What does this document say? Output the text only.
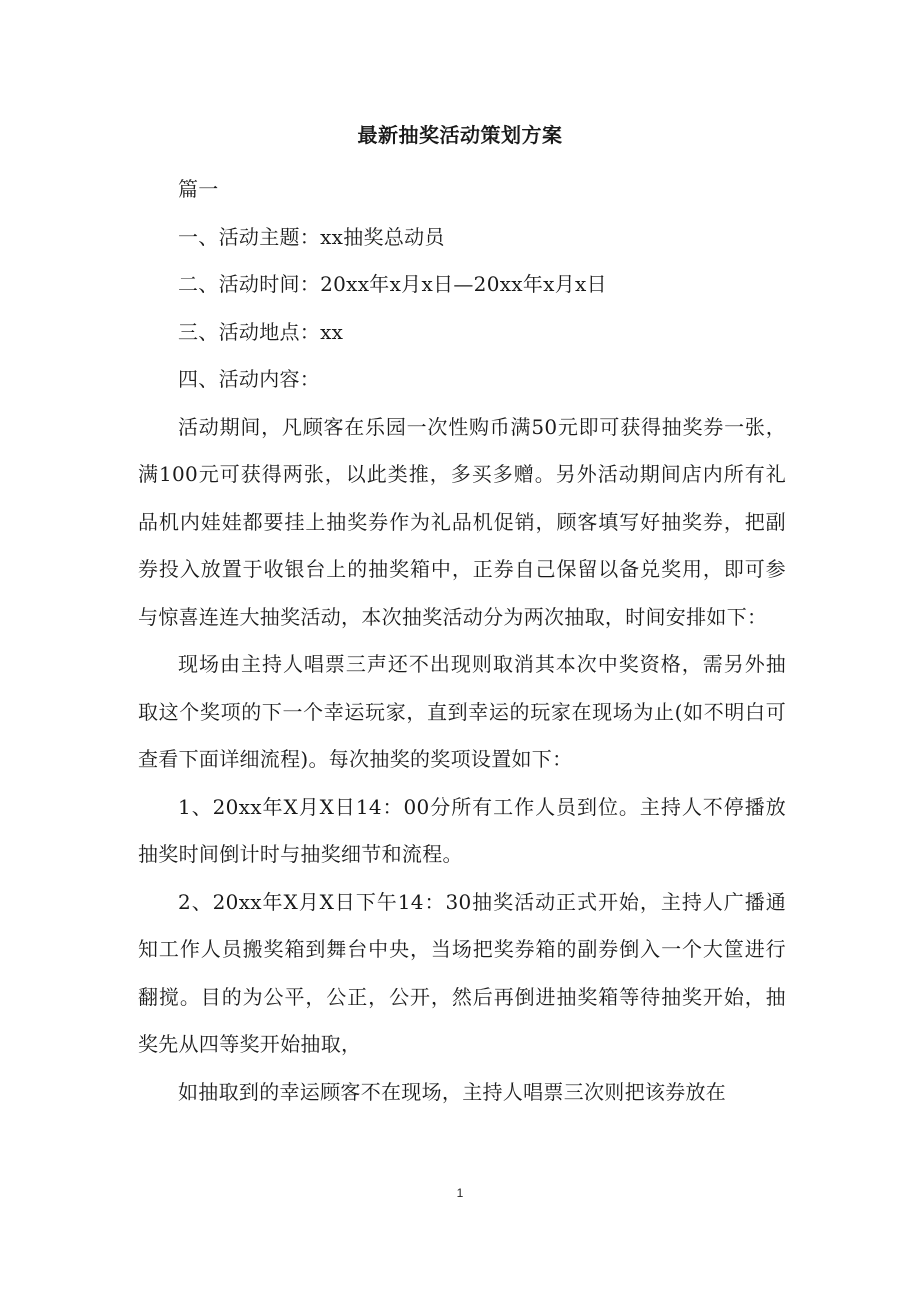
最新抽奖活动策划方案

篇一

一、活动主题：xx抽奖总动员

二、活动时间：20xx年x月x日—20xx年x月x日

三、活动地点：xx

四、活动内容：

活动期间，凡顾客在乐园一次性购币满50元即可获得抽奖券一张，满100元可获得两张，以此类推，多买多赠。另外活动期间店内所有礼品机内娃娃都要挂上抽奖券作为礼品机促销，顾客填写好抽奖券，把副券投入放置于收银台上的抽奖箱中，正券自己保留以备兑奖用，即可参与惊喜连连大抽奖活动，本次抽奖活动分为两次抽取，时间安排如下：

现场由主持人唱票三声还不出现则取消其本次中奖资格，需另外抽取这个奖项的下一个幸运玩家，直到幸运的玩家在现场为止(如不明白可查看下面详细流程)。每次抽奖的奖项设置如下：

1、20xx年X月X日14：00分所有工作人员到位。主持人不停播放抽奖时间倒计时与抽奖细节和流程。

2、20xx年X月X日下午14：30抽奖活动正式开始，主持人广播通知工作人员搬奖箱到舞台中央，当场把奖券箱的副券倒入一个大筐进行翻搅。目的为公平，公正，公开，然后再倒进抽奖箱等待抽奖开始，抽奖先从四等奖开始抽取，

如抽取到的幸运顾客不在现场，主持人唱票三次则把该券放在

1
